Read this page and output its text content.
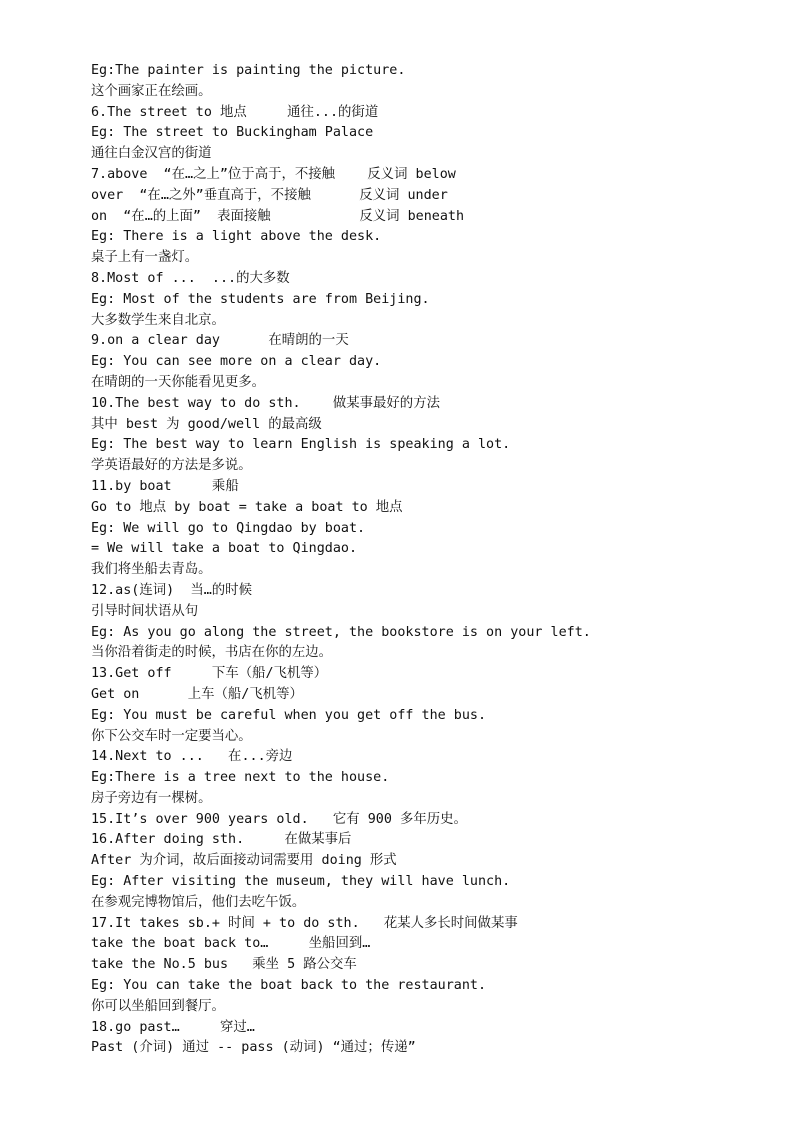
Eg:The painter is painting the picture.
这个画家正在绘画。
6.The street to 地点     通往...的街道
Eg: The street to Buckingham Palace
通往白金汉宫的街道
7.above  “在…之上”位于高于，不接触    反义词 below
over  “在…之外”垂直高于，不接触      反义词 under
on  “在…的上面”  表面接触           反义词 beneath
Eg: There is a light above the desk.
桌子上有一盏灯。
8.Most of ...  ...的大多数
Eg: Most of the students are from Beijing.
大多数学生来自北京。
9.on a clear day      在晴朗的一天
Eg: You can see more on a clear day.
在晴朗的一天你能看见更多。
10.The best way to do sth.    做某事最好的方法
其中 best 为 good/well 的最高级
Eg: The best way to learn English is speaking a lot.
学英语最好的方法是多说。
11.by boat     乘船
Go to 地点 by boat = take a boat to 地点
Eg: We will go to Qingdao by boat.
= We will take a boat to Qingdao.
我们将坐船去青岛。
12.as(连词)  当…的时候
引导时间状语从句
Eg: As you go along the street, the bookstore is on your left.
当你沿着街走的时候，书店在你的左边。
13.Get off     下车（船/飞机等）
Get on      上车（船/飞机等）
Eg: You must be careful when you get off the bus.
你下公交车时一定要当心。
14.Next to ...   在...旁边
Eg:There is a tree next to the house.
房子旁边有一棵树。
15.It’s over 900 years old.   它有 900 多年历史。
16.After doing sth.     在做某事后
After 为介词，故后面接动词需要用 doing 形式
Eg: After visiting the museum, they will have lunch.
在参观完博物馆后，他们去吃午饭。
17.It takes sb.+ 时间 + to do sth.   花某人多长时间做某事
take the boat back to…     坐船回到…
take the No.5 bus   乘坐 5 路公交车
Eg: You can take the boat back to the restaurant.
你可以坐船回到餐厅。
18.go past…     穿过…
Past (介词) 通过 -- pass (动词) “通过；传递”
